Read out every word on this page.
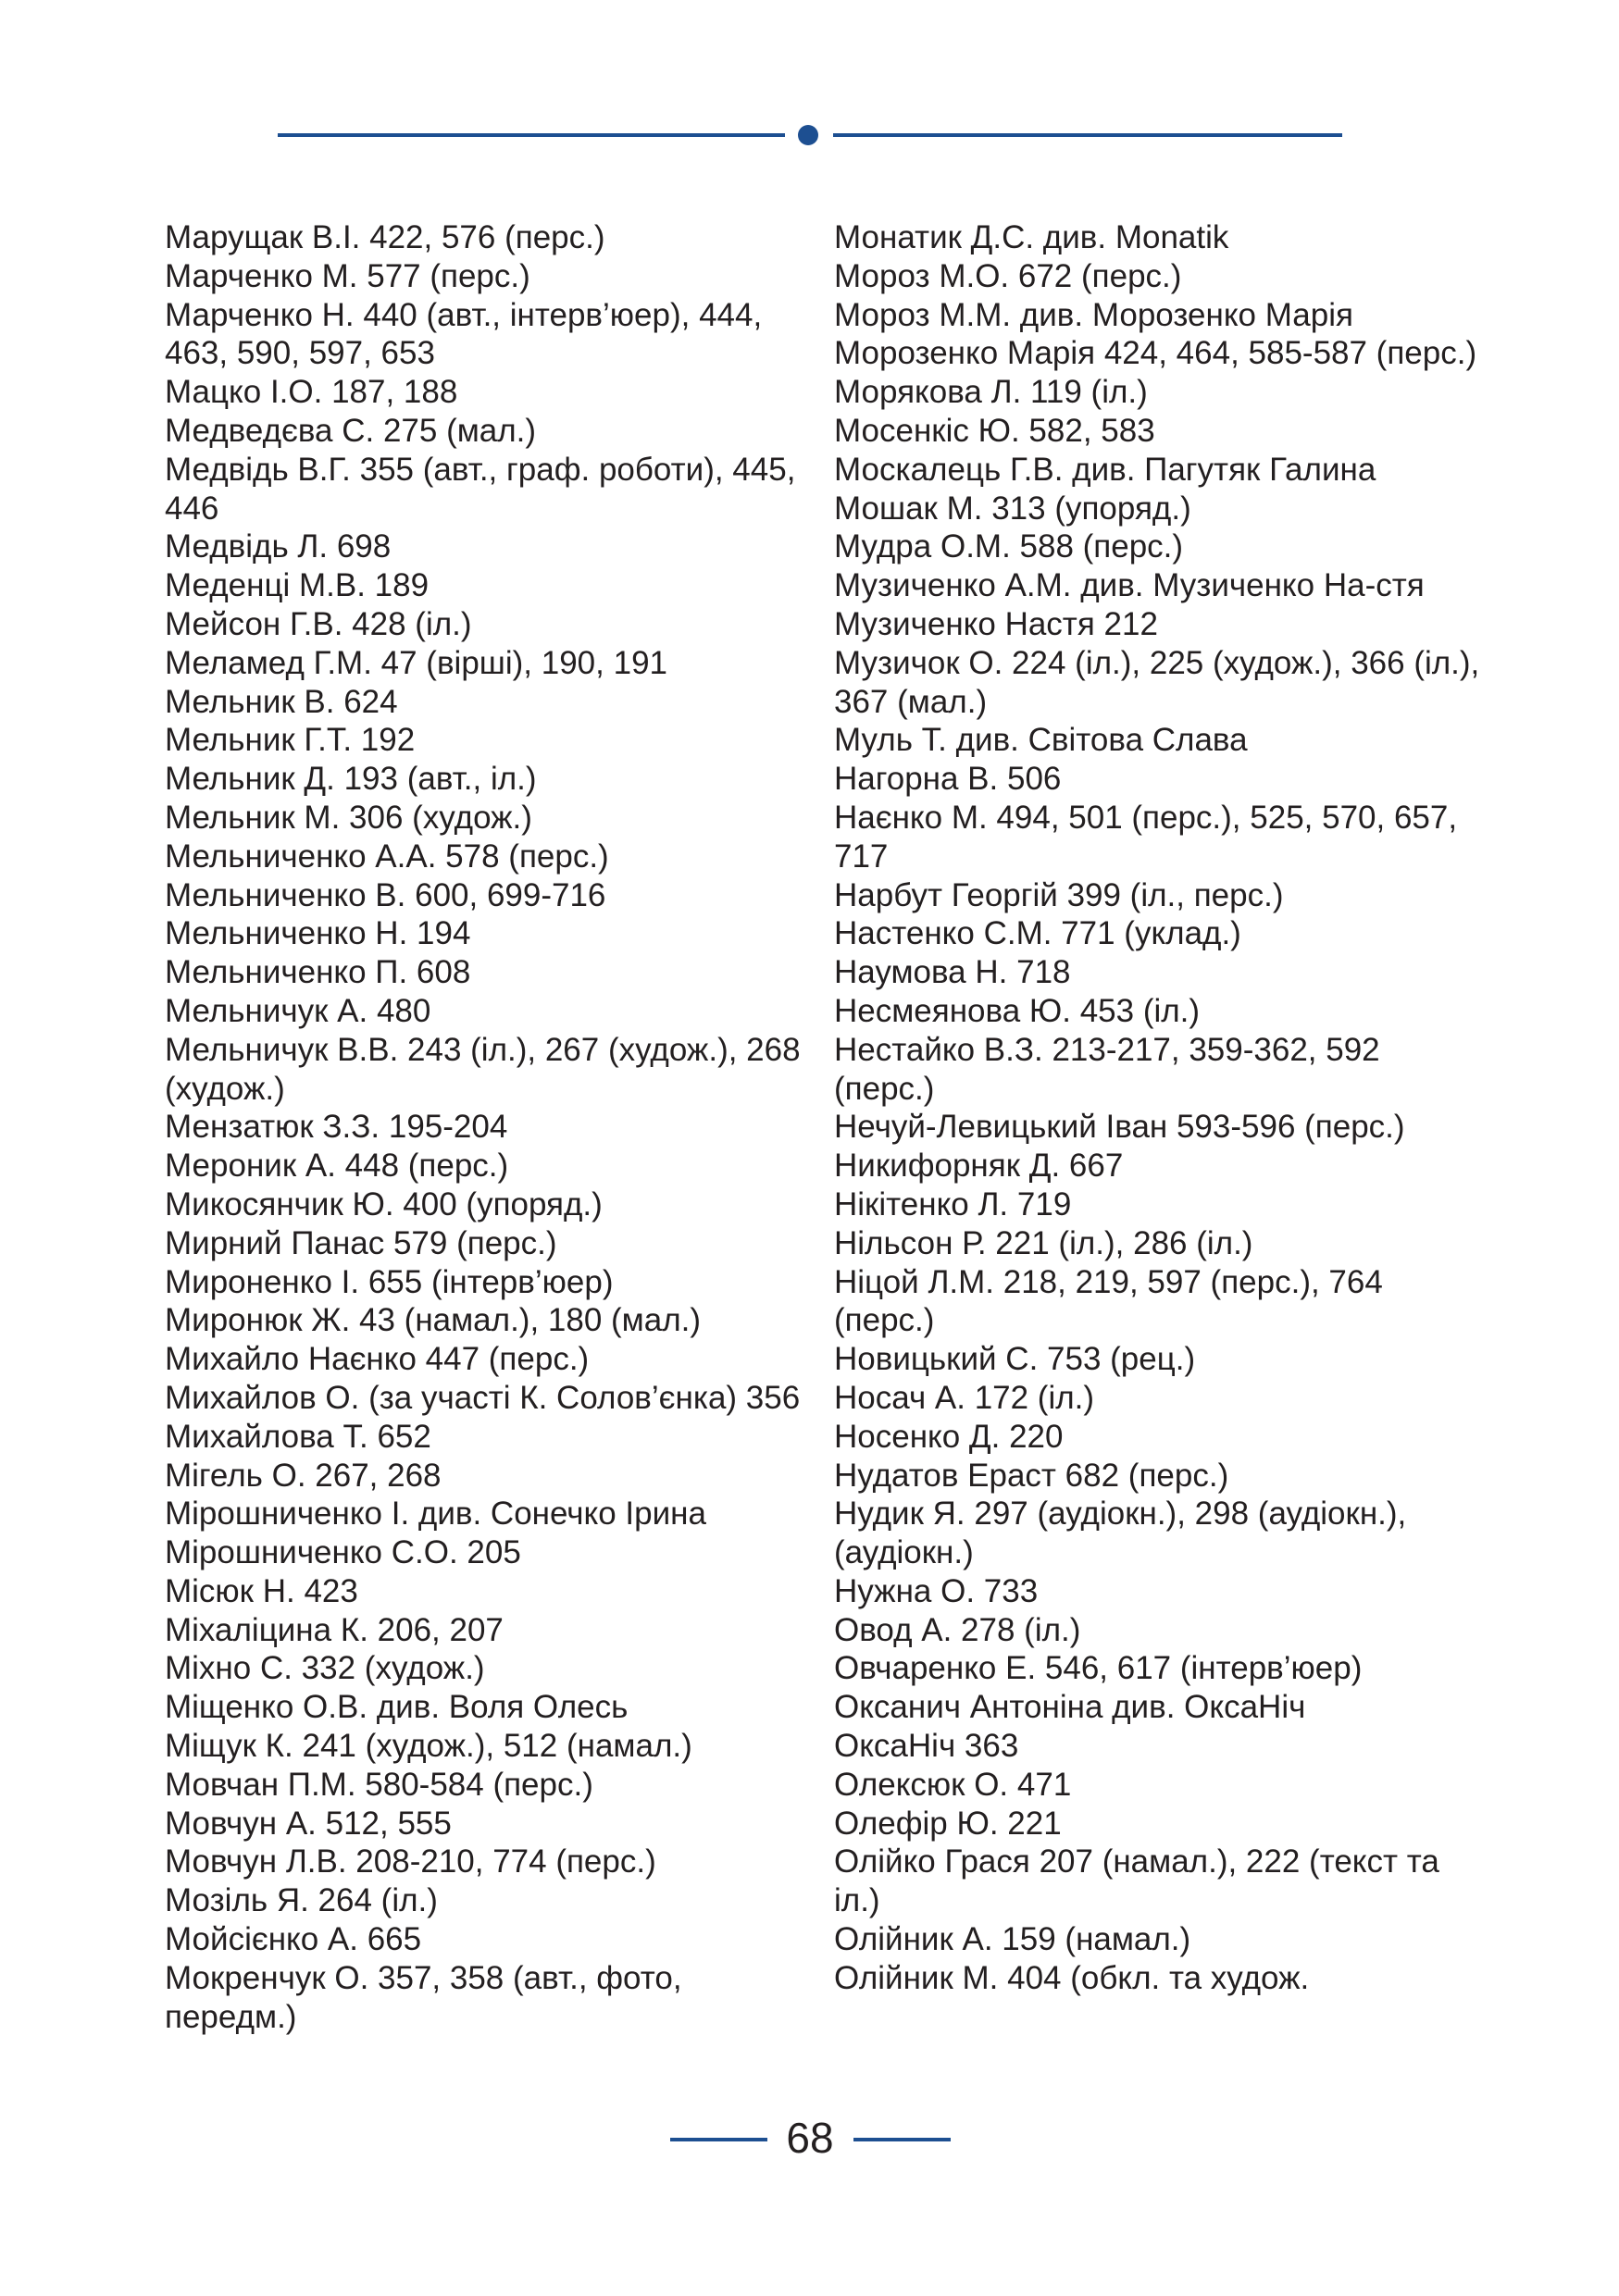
Марущак В.І. 422, 576 (перс.)

Марченко М. 577 (перс.)

Марченко Н. 440 (авт., інтерв’юер), 444, 463, 590, 597, 653

Мацко І.О. 187, 188

Медведєва С. 275 (мал.)

Медвідь В.Г. 355 (авт., граф. роботи), 445, 446

Медвідь Л. 698

Меденці М.В. 189

Мейсон Г.В. 428 (іл.)

Меламед Г.М. 47 (вірші), 190, 191

Мельник В. 624

Мельник Г.Т. 192

Мельник Д. 193 (авт., іл.)

Мельник М. 306 (худож.)

Мельниченко А.А. 578 (перс.)

Мельниченко В. 600, 699-716

Мельниченко Н. 194

Мельниченко П. 608

Мельничук А. 480

Мельничук В.В. 243 (іл.), 267 (худож.), 268 (худож.)

Мензатюк З.З. 195-204

Мероник А. 448 (перс.)

Микосянчик Ю. 400 (упоряд.)

Мирний Панас 579 (перс.)

Мироненко І. 655 (інтерв’юер)

Миронюк Ж. 43 (намал.), 180 (мал.)

Михайло Наєнко 447 (перс.)

Михайлов О. (за участі К. Солов’єнка) 356

Михайлова Т. 652

Мігель О. 267, 268

Мірошниченко І. див. Сонечко Ірина

Мірошниченко С.О. 205

Місюк Н. 423

Міхаліцина К. 206, 207

Міхно С. 332 (худож.)

Міщенко О.В. див. Воля Олесь

Міщук К. 241 (худож.), 512 (намал.)

Мовчан П.М. 580-584 (перс.)

Мовчун А. 512, 555

Мовчун Л.В. 208-210, 774 (перс.)

Мозіль Я. 264 (іл.)

Мойсієнко А. 665

Мокренчук О. 357, 358 (авт., фото, передм.)

Монатик Д.С. див. Monatik

Мороз М.О. 672 (перс.)

Мороз М.М. див. Морозенко Марія

Морозенко Марія 424, 464, 585-587 (перс.)

Морякова Л. 119 (іл.)

Мосенкіс Ю. 582, 583

Москалець Г.В. див. Пагутяк Галина

Мошак М. 313 (упоряд.)

Мудра О.М. 588 (перс.)

Музиченко А.М. див. Музиченко На-стя

Музиченко Настя 212

Музичок О. 224 (іл.), 225 (худож.), 366 (іл.), 367 (мал.)

Муль Т. див. Світова Слава

Нагорна В. 506

Наєнко М. 494, 501 (перс.), 525, 570, 657, 717

Нарбут Георгій 399 (іл., перс.)

Настенко С.М. 771 (уклад.)

Наумова Н. 718

Несмеянова Ю. 453 (іл.)

Нестайко В.З. 213-217, 359-362, 592 (перс.)

Нечуй-Левицький Іван 593-596 (перс.)

Никифорняк Д. 667

Нікітенко Л. 719

Нільсон Р. 221 (іл.), 286 (іл.)

Ніцой Л.М. 218, 219, 597 (перс.), 764 (перс.)

Новицький С. 753 (рец.)

Носач А. 172 (іл.)

Носенко Д. 220

Нудатов Ераст 682 (перс.)

Нудик Я. 297 (аудіокн.), 298 (аудіокн.), (аудіокн.)

Нужна О. 733

Овод А. 278 (іл.)

Овчаренко Е. 546, 617 (інтерв’юер)

Оксанич Антоніна див. ОксаНіч

ОксаНіч 363

Олексюк О. 471

Олефір Ю. 221

Олійко Грася 207 (намал.), 222 (текст та іл.)

Олійник А. 159 (намал.)

Олійник М. 404 (обкл. та худож.

68
